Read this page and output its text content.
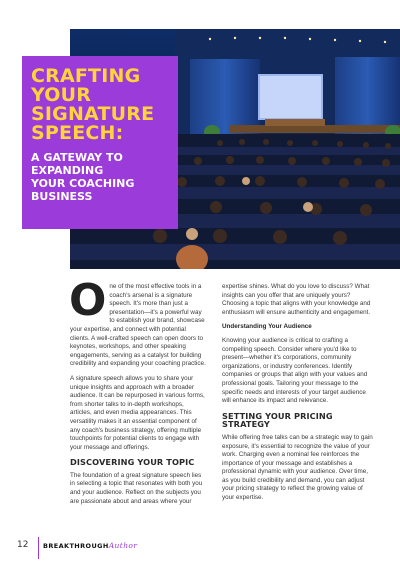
CRAFTING
YOUR
SIGNATURE
SPEECH:
A GATEWAY TO
EXPANDING
YOUR COACHING
BUSINESS

One of the most effective tools in a coach's arsenal is a signature speech. It's more than just a presentation—it's a powerful way to establish your brand, showcase your expertise, and connect with potential clients. A well-crafted speech can open doors to keynotes, workshops, and other speaking engagements, serving as a catalyst for building credibility and expanding your coaching practice.

A signature speech allows you to share your unique insights and approach with a broader audience. It can be repurposed in various forms, from shorter talks to in-depth workshops, articles, and even media appearances. This versatility makes it an essential component of any coach's business strategy, offering multiple touchpoints for potential clients to engage with your message and offerings.

DISCOVERING YOUR TOPIC

The foundation of a great signature speech lies in selecting a topic that resonates with both you and your audience. Reflect on the subjects you are passionate about and areas where your

expertise shines. What do you love to discuss? What insights can you offer that are uniquely yours? Choosing a topic that aligns with your knowledge and enthusiasm will ensure authenticity and engagement.

Understanding Your Audience

Knowing your audience is critical to crafting a compelling speech. Consider where you'd like to present—whether it's corporations, community organizations, or industry conferences. Identify companies or groups that align with your values and professional goals. Tailoring your message to the specific needs and interests of your target audience will enhance its impact and relevance.

SETTING YOUR PRICING STRATEGY

While offering free talks can be a strategic way to gain exposure, it's essential to recognize the value of your work. Charging even a nominal fee reinforces the importance of your message and establishes a professional dynamic with your audience. Over time, as you build credibility and demand, you can adjust your pricing strategy to reflect the growing value of your expertise.

12 BREAKTHROUGHAuthor
